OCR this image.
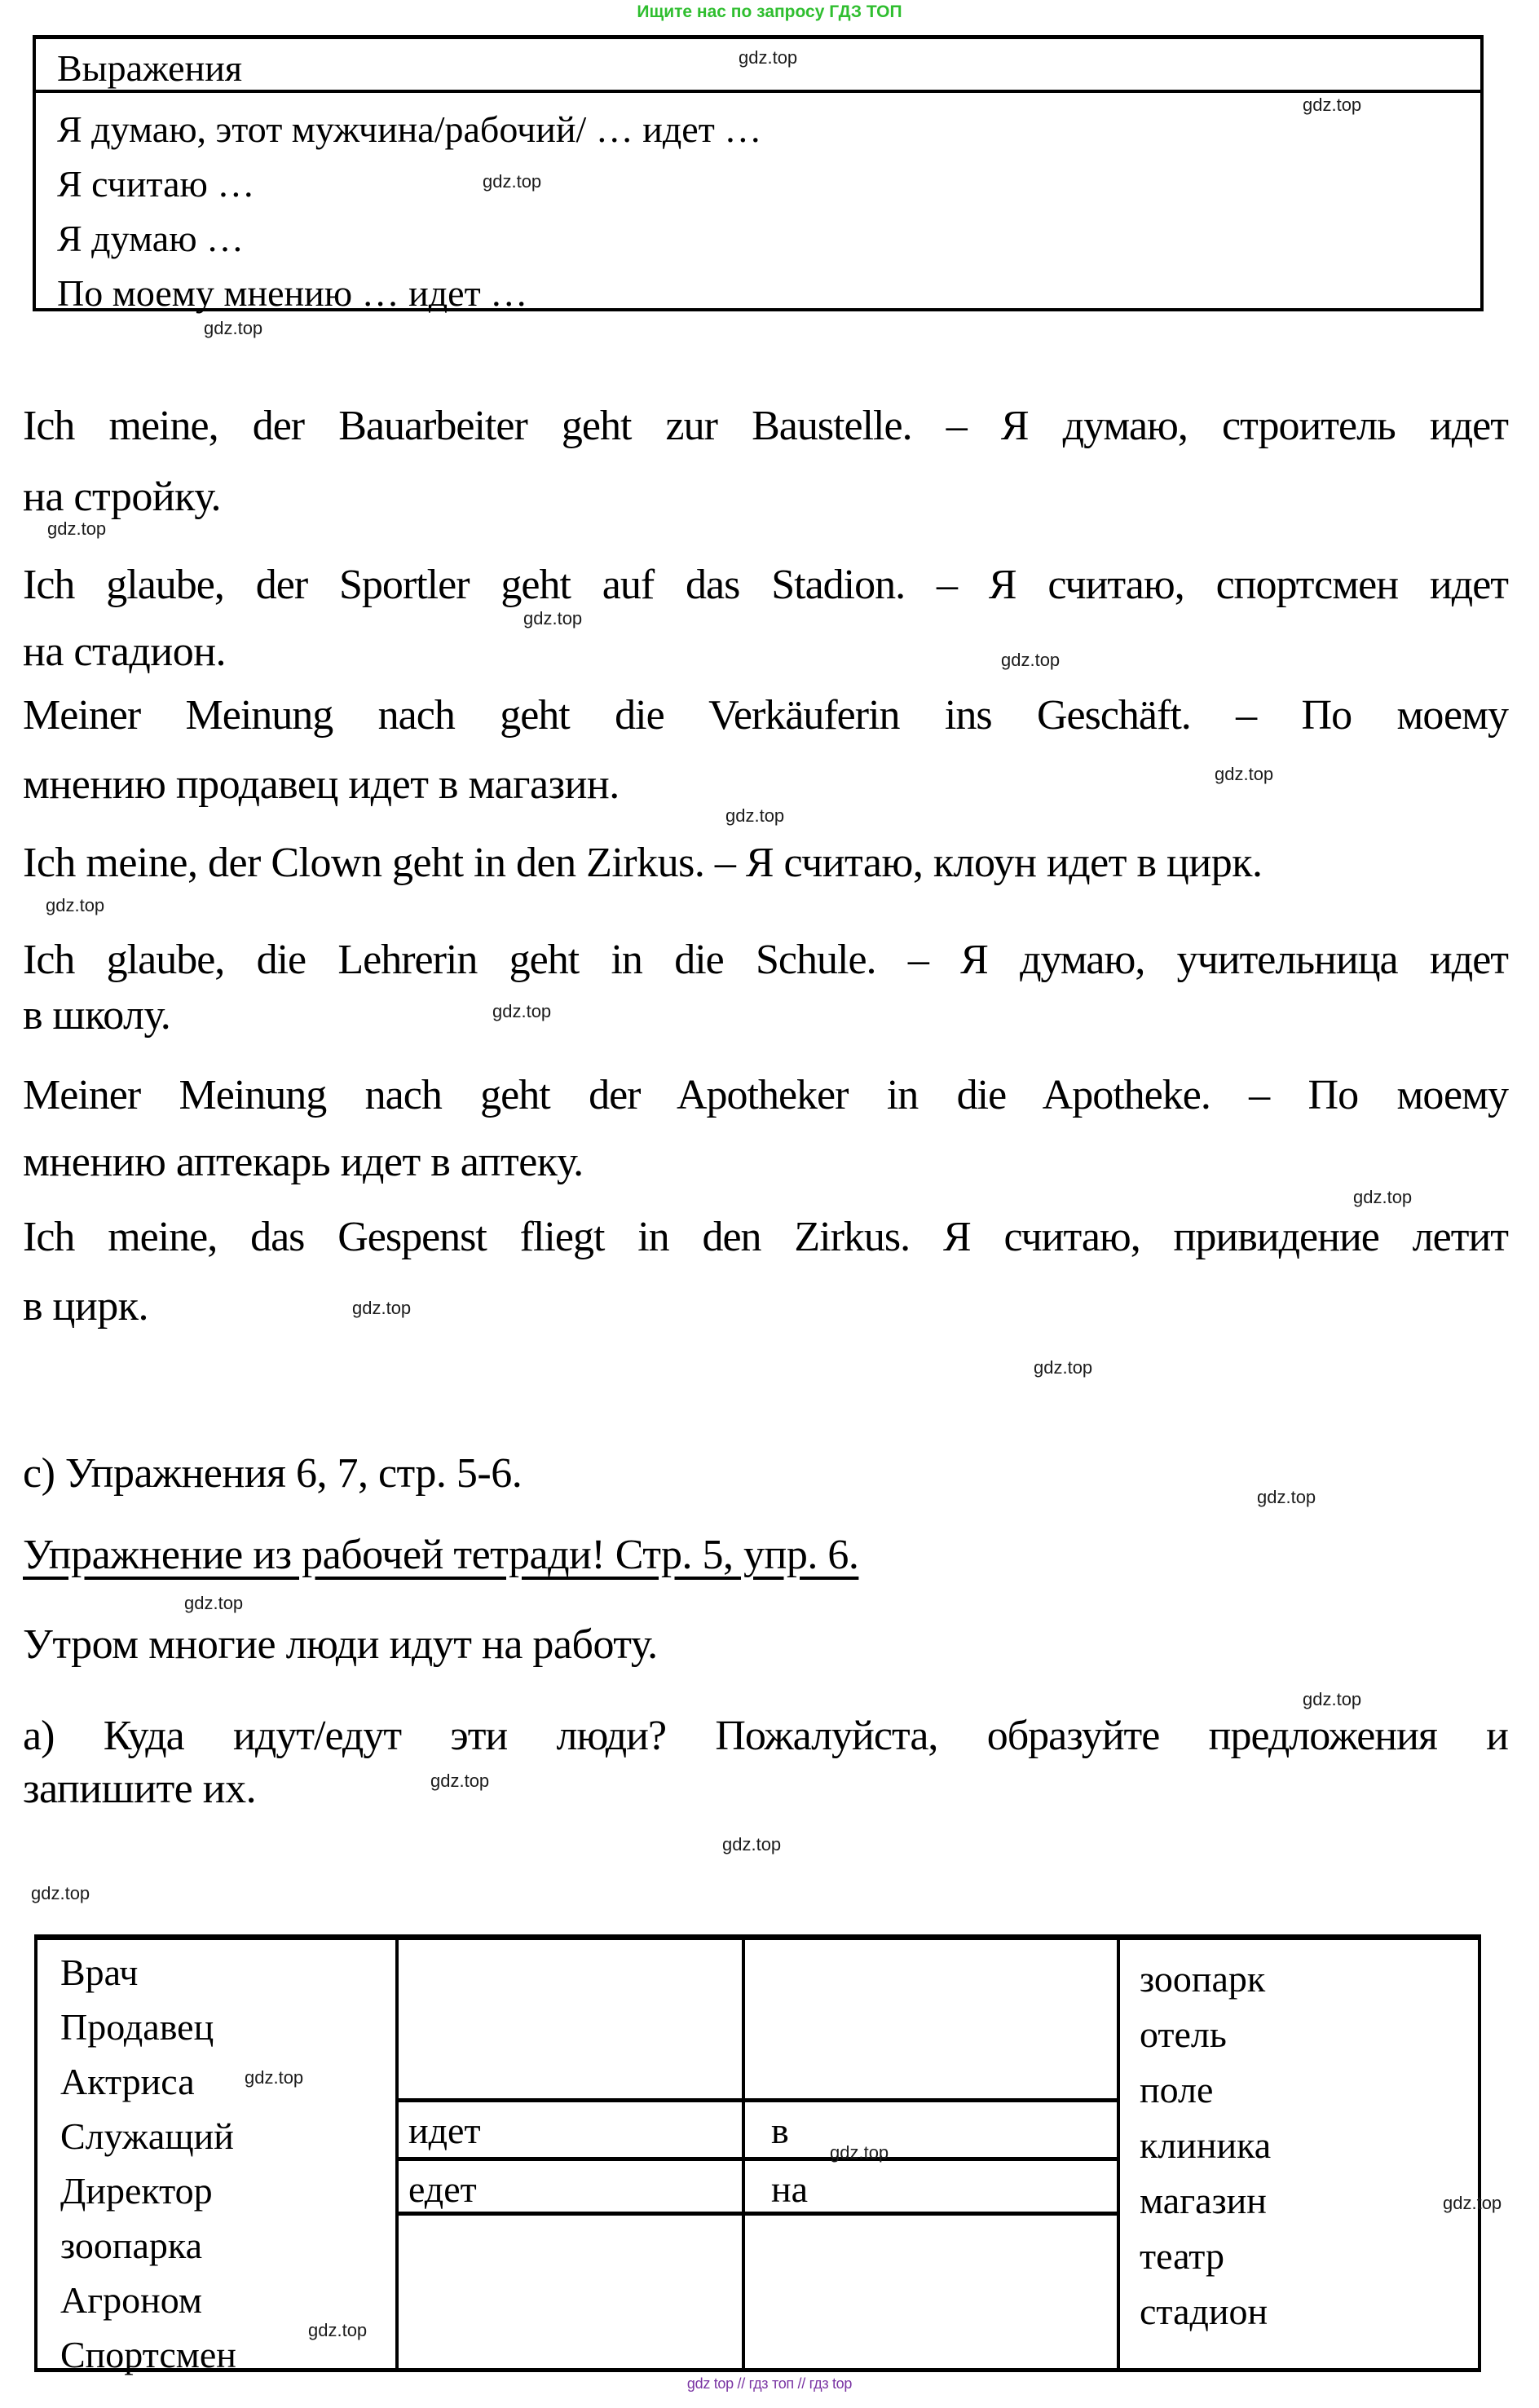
Ищите нас по запросу ГДЗ ТОП
gdz.top
gdz.top
gdz.top
gdz.top
gdz.top
gdz.top
gdz.top
gdz.top
gdz.top
gdz.top
gdz.top
gdz.top
gdz.top
gdz.top
gdz.top
gdz.top
gdz.top
gdz.top
gdz.top
gdz.top
gdz.top
gdz.top
gdz.top
gdz.top
Выражения
Я думаю, этот мужчина/рабочий/ … идет …
Я считаю …
Я думаю …
По моему мнению … идет …
Ich meine, der Bauarbeiter geht zur Baustelle. – Я думаю, строитель идет
на стройку.
Ich glaube, der Sportler geht auf das Stadion. – Я считаю, спортсмен идет
на стадион.
Meiner Meinung nach geht die Verkäuferin ins Geschäft. – По моему
мнению продавец идет в магазин.
Ich meine, der Clown geht in den Zirkus. – Я считаю, клоун идет в цирк.
Ich glaube, die Lehrerin geht in die Schule. – Я думаю, учительница идет
в школу.
Meiner Meinung nach geht der Apotheker in die Apotheke. – По моему
мнению аптекарь идет в аптеку.
Ich meine, das Gespenst fliegt in den Zirkus. Я считаю, привидение летит
в цирк.
c) Упражнения 6, 7, стр. 5-6.
Упражнение из рабочей тетради! Стр. 5, упр. 6.
Утром многие люди идут на работу.
а) Куда идут/едут эти люди? Пожалуйста, образуйте предложения и
запишите их.
Врач
Продавец
Актриса
Служащий
Директор
зоопарка
Агроном
Спортсмен
идет
едет
в
на
зоопарк
отель
поле
клиника
магазин
театр
стадион
gdz top // гдз топ // гдз top
